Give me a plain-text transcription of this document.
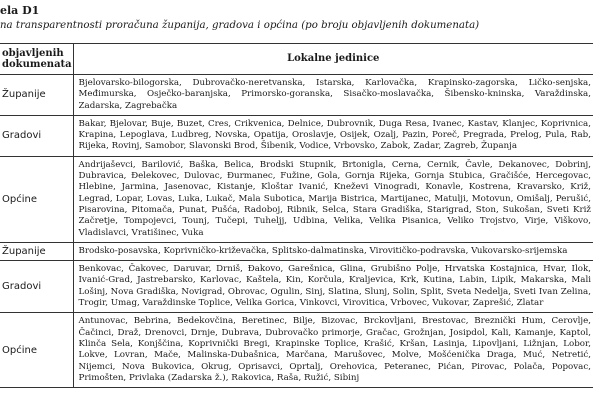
ela D1
na transparentnosti proračuna županija, gradova i općina (po broju objavljenih dokumenata)
objavljenih
dokumenata	Lokalne jedinice
Županije	Bjelovarsko-bilogorska, Dubrovačko-neretvanska, Istarska, Karlovačka, Krapinsko-zagorska, Ličko-senjska, Međimurska, Osječko-baranjska, Primorsko-goranska, Sisačko-moslavačka, Šibensko-kninska, Varaždinska, Zadarska, Zagrebačka
Gradovi	Bakar, Bjelovar, Buje, Buzet, Cres, Crikvenica, Delnice, Dubrovnik, Duga Resa, Ivanec, Kastav, Klanjec, Koprivnica, Krapina, Lepoglava, Ludbreg, Novska, Opatija, Oroslavje, Osijek, Ozalj, Pazin, Poreč, Pregrada, Prelog, Pula, Rab, Rijeka, Rovinj, Samobor, Slavonski Brod, Šibenik, Vodice, Vrbovsko, Zabok, Zadar, Zagreb, Županja
Općine	Andrijaševci, Barilović, Baška, Belica, Brodski Stupnik, Brtonigla, Cerna, Cernik, Čavle, Dekanovec, Dobrinj, Dubravica, Đelekovec, Dulovac, Đurmanec, Fužine, Gola, Gornja Rijeka, Gornja Stubica, Gračišće, Hercegovac, Hlebine, Jarmina, Jasenovac, Kistanje, Kloštar Ivanić, Kneževi Vinogradi, Konavle, Kostrena, Kravarsko, Križ, Legrad, Lopar, Lovas, Luka, Lukač, Mala Subotica, Marija Bistrica, Martijanec, Matulji, Motovun, Omišalj, Perušić, Pisarovina, Pitomača, Punat, Pušća, Radoboj, Ribnik, Selca, Stara Gradiška, Starigrad, Ston, Sukošan, Sveti Križ Začretje, Tompojevci, Tounj, Tučepi, Tuheljj, Udbina, Velika, Velika Pisanica, Veliko Trojstvo, Virje, Viškovo, Vladislavci, Vratišinec, Vuka
Županije	Brodsko-posavska, Koprivničko-križevačka, Splitsko-dalmatinska, Virovitičko-podravska, Vukovarsko-srijemska
Gradovi	Benkovac, Čakovec, Daruvar, Drniš, Đakovo, Garešnica, Glina, Grubišno Polje, Hrvatska Kostajnica, Hvar, Ilok, Ivanić-Grad, Jastrebarsko, Karlovac, Kaštela, Kin, Korčula, Kraljevica, Krk, Kutina, Labin, Lipik, Makarska, Mali Lošinj, Nova Gradiška, Novigrad, Obrovac, Ogulin, Sinj, Slatina, Slunj, Solin, Split, Sveta Nedelja, Sveti Ivan Zelina, Trogir, Umag, Varaždinske Toplice, Velika Gorica, Vinkovci, Virovitica, Vrbovec, Vukovar, Zaprešić, Zlatar
Općine	Antunovac, Bebrina, Bedekovčina, Beretinec, Bilje, Bizovac, Brckovljani, Brestovac, Breznički Hum, Cerovlje, Čačinci, Draž, Drenovci, Drnje, Dubrava, Dubrovačko primorje, Gračac, Grožnjan, Josipdol, Kali, Kamanje, Kaptol, Klinča Sela, Konjščina, Koprivnički Bregi, Krapinske Toplice, Krašić, Kršan, Lasinja, Lipovljani, Ližnjan, Lobor, Lokve, Lovran, Mače, Malinska-Dubašnica, Marčana, Marušovec, Molve, Mošćenička Draga, Muć, Netretić, Nijemci, Nova Bukovica, Okrug, Oprisavci, Oprtalj, Orehovica, Peteranec, Pićan, Pirovac, Polača, Popovac, Primošten, Privlaka (Zadarska ž.), Rakovica, Raša, Ružić, Sibinj
